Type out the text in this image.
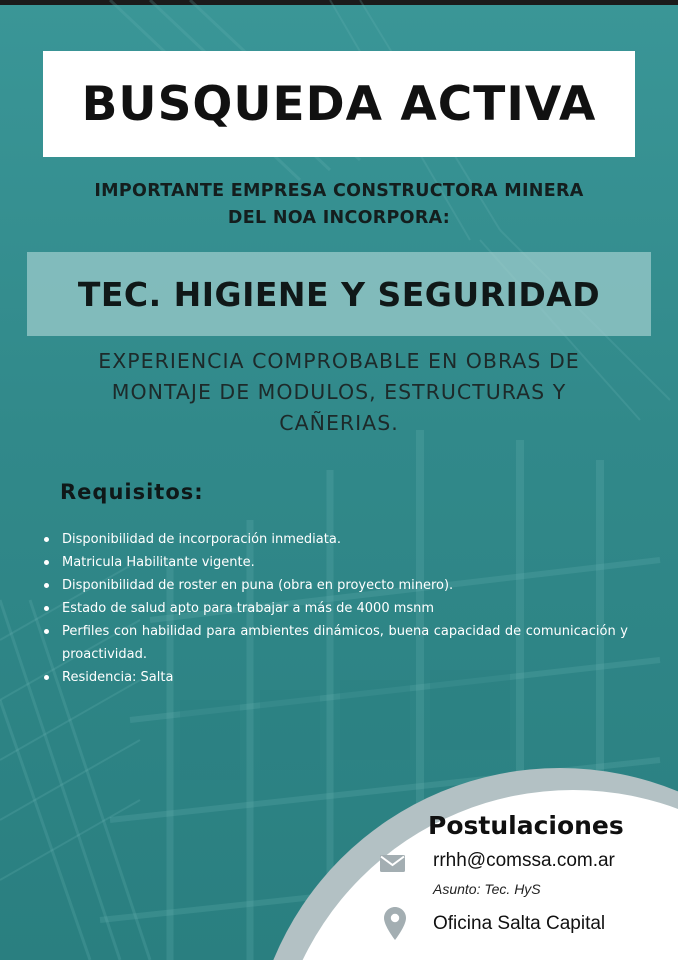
BUSQUEDA ACTIVA
IMPORTANTE EMPRESA CONSTRUCTORA MINERA
DEL NOA INCORPORA:
TEC. HIGIENE Y SEGURIDAD
EXPERIENCIA COMPROBABLE EN OBRAS DE
MONTAJE DE MODULOS, ESTRUCTURAS Y
CAÑERIAS.
Requisitos:
Disponibilidad de incorporación inmediata.
Matricula Habilitante vigente.
Disponibilidad de roster en puna (obra en proyecto minero).
Estado de salud apto para trabajar a más de 4000 msnm
Perfiles con habilidad para ambientes dinámicos, buena capacidad de comunicación y proactividad.
Residencia: Salta
Postulaciones
rrhh@comssa.com.ar
Asunto: Tec. HyS
Oficina Salta Capital
